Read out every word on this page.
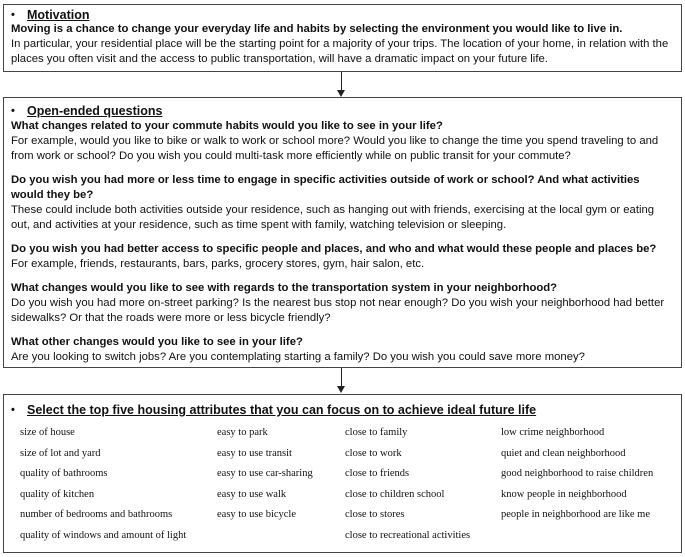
• Motivation
Moving is a chance to change your everyday life and habits by selecting the environment you would like to live in.
In particular, your residential place will be the starting point for a majority of your trips. The location of your home, in relation with the places you often visit and the access to public transportation, will have a dramatic impact on your future life.
• Open-ended questions
What changes related to your commute habits would you like to see in your life?
For example, would you like to bike or walk to work or school more? Would you like to change the time you spend traveling to and from work or school? Do you wish you could multi-task more efficiently while on public transit for your commute?
Do you wish you had more or less time to engage in specific activities outside of work or school? And what activities would they be?
These could include both activities outside your residence, such as hanging out with friends, exercising at the local gym or eating out, and activities at your residence, such as time spent with family, watching television or sleeping.
Do you wish you had better access to specific people and places, and who and what would these people and places be?
For example, friends, restaurants, bars, parks, grocery stores, gym, hair salon, etc.
What changes would you like to see with regards to the transportation system in your neighborhood?
Do you wish you had more on-street parking? Is the nearest bus stop not near enough? Do you wish your neighborhood had better sidewalks? Or that the roads were more or less bicycle friendly?
What other changes would you like to see in your life?
Are you looking to switch jobs? Are you contemplating starting a family? Do you wish you could save more money?
• Select the top five housing attributes that you can focus on to achieve ideal future life
size of house
size of lot and yard
quality of bathrooms
quality of kitchen
number of bedrooms and bathrooms
quality of windows and amount of light
easy to park
easy to use transit
easy to use car-sharing
easy to use walk
easy to use bicycle
close to family
close to work
close to friends
close to children school
close to stores
close to recreational activities
low crime neighborhood
quiet and clean neighborhood
good neighborhood to raise children
know people in neighborhood
people in neighborhood are like me
